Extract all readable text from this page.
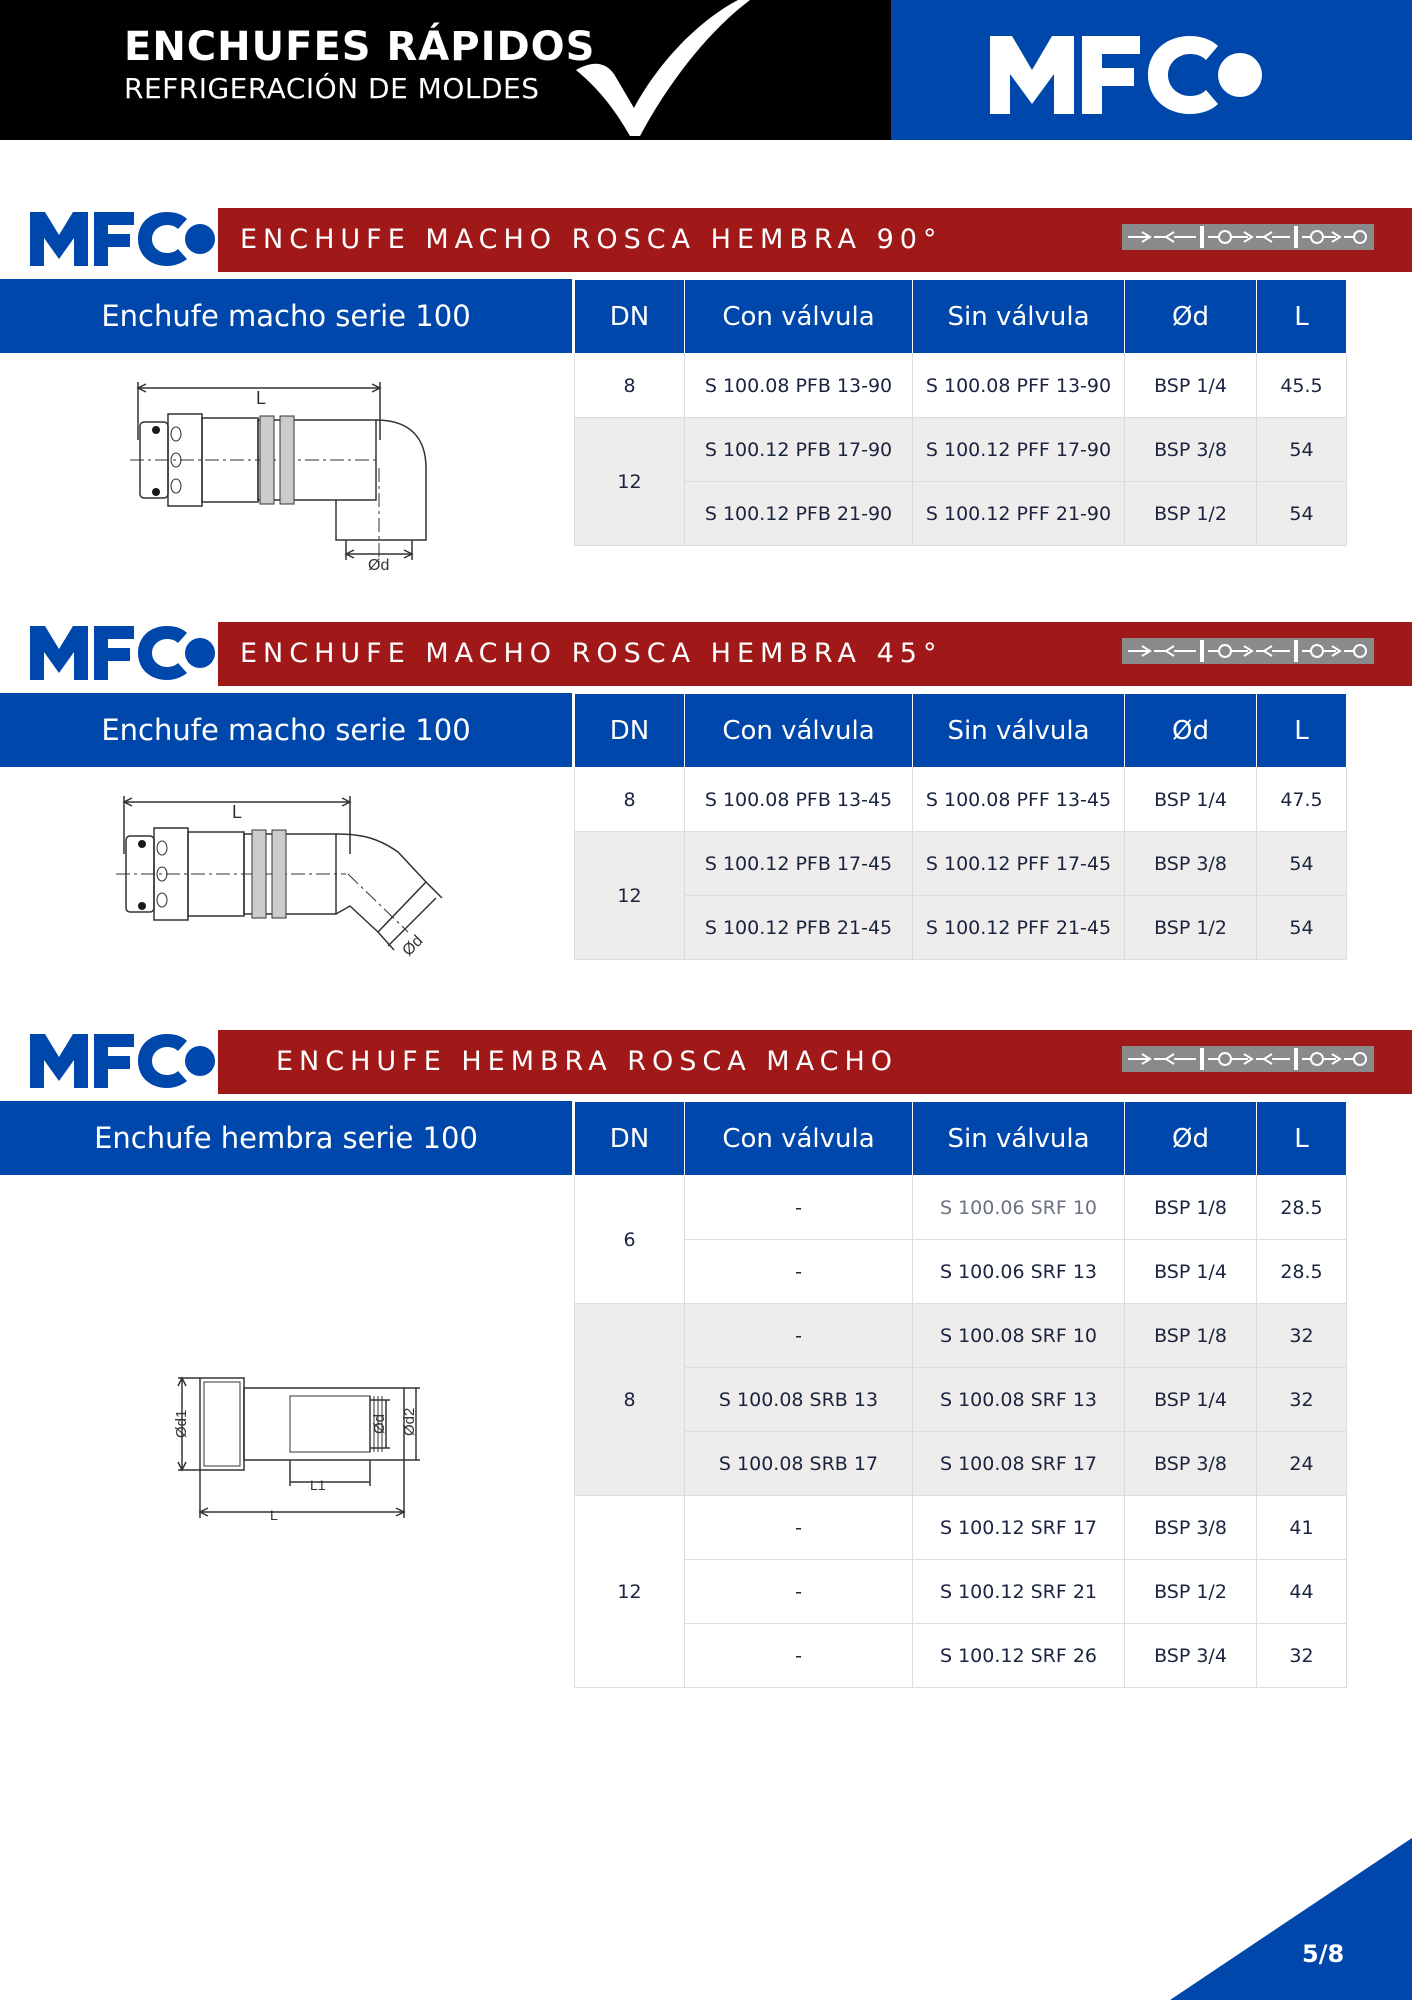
ENCHUFES RÁPIDOS
REFRIGERACIÓN DE MOLDES
ENCHUFE MACHO ROSCA HEMBRA 90°
Enchufe macho serie 100
L
Ød
DN	Con válvula	Sin válvula	Ød	L
8	S 100.08 PFB 13-90	S 100.08 PFF 13-90	BSP 1/4	45.5
12	S 100.12 PFB 17-90	S 100.12 PFF 17-90	BSP 3/8	54
	S 100.12 PFB 21-90	S 100.12 PFF 21-90	BSP 1/2	54
ENCHUFE MACHO ROSCA HEMBRA 45°
Enchufe macho serie 100
L
Ød
DN	Con válvula	Sin válvula	Ød	L
8	S 100.08 PFB 13-45	S 100.08 PFF 13-45	BSP 1/4	47.5
12	S 100.12 PFB 17-45	S 100.12 PFF 17-45	BSP 3/8	54
	S 100.12 PFB 21-45	S 100.12 PFF 21-45	BSP 1/2	54
ENCHUFE HEMBRA ROSCA MACHO
Enchufe hembra serie 100
Ød1	Ød Ød2
L1
L
DN	Con válvula	Sin válvula	Ød	L
6	-	S 100.06 SRF 10	BSP 1/8	28.5
	-	S 100.06 SRF 13	BSP 1/4	28.5
8	-	S 100.08 SRF 10	BSP 1/8	32
	S 100.08 SRB 13	S 100.08 SRF 13	BSP 1/4	32
	S 100.08 SRB 17	S 100.08 SRF 17	BSP 3/8	24
12	-	S 100.12 SRF 17	BSP 3/8	41
	-	S 100.12 SRF 21	BSP 1/2	44
	-	S 100.12 SRF 26	BSP 3/4	32
5/8
